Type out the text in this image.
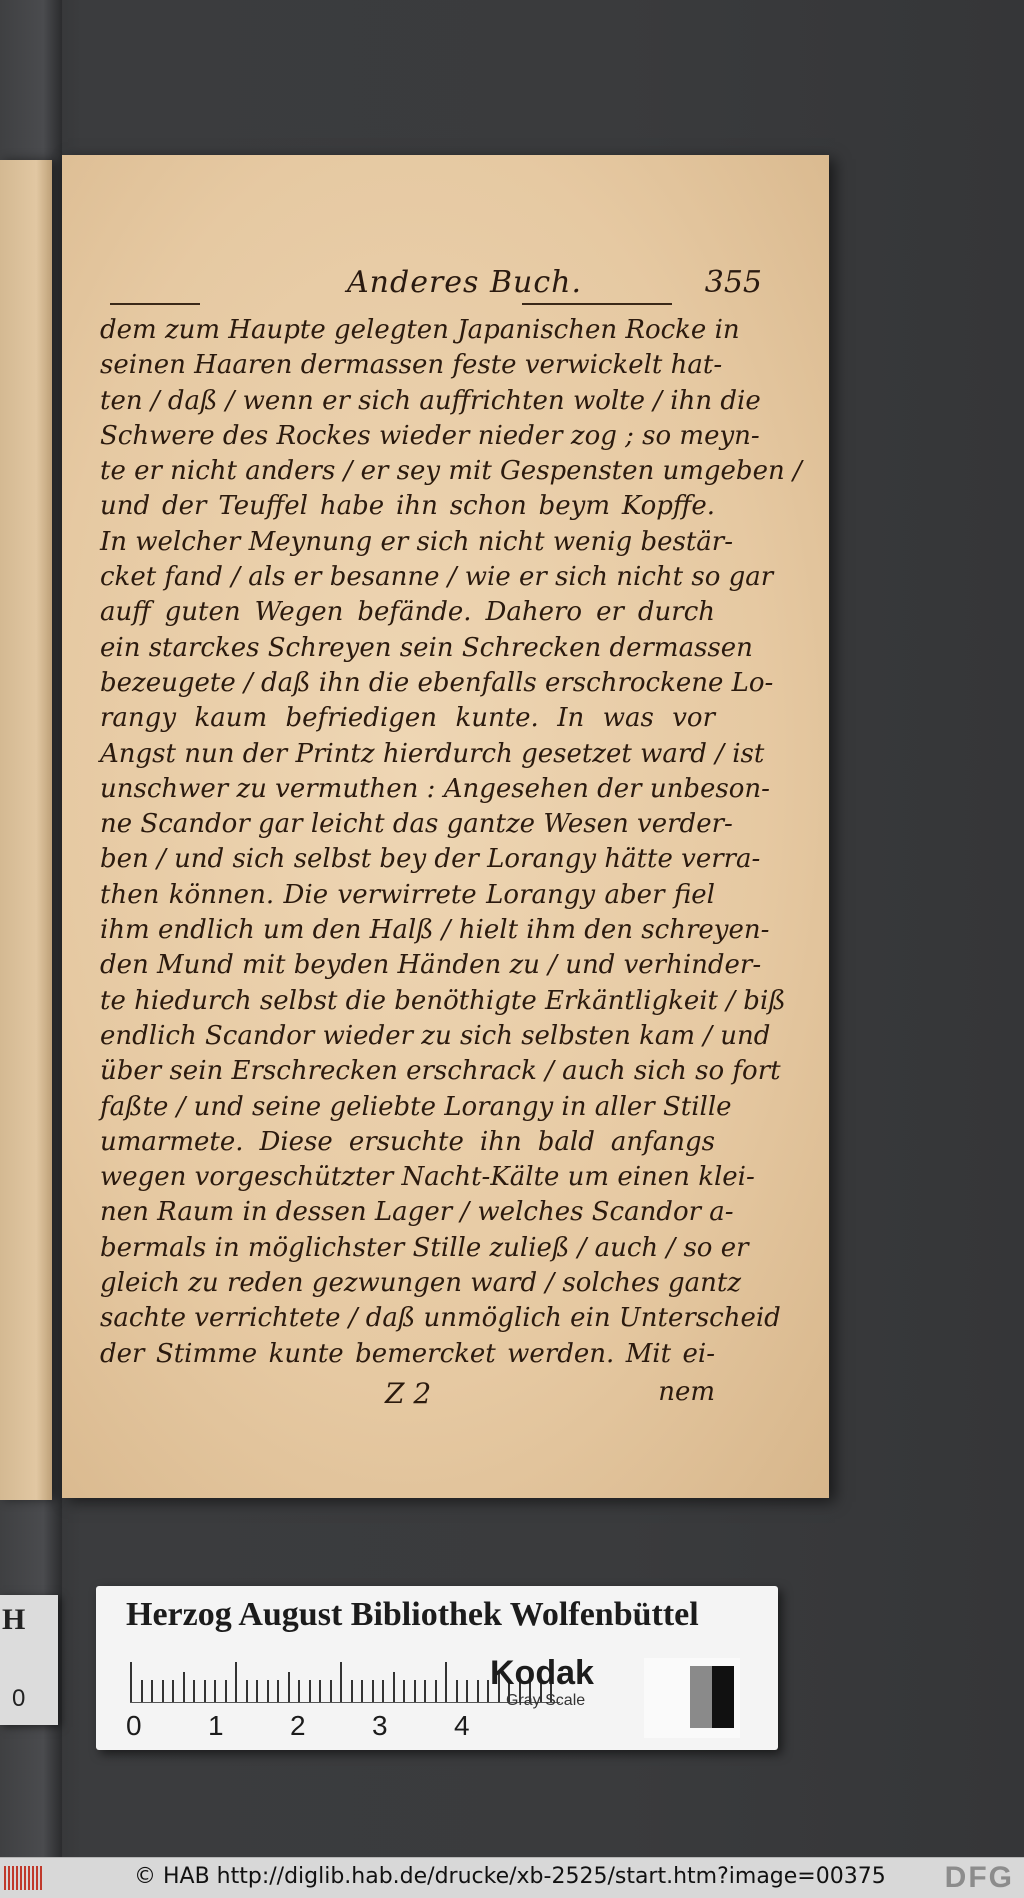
Anderes Buch.	355
dem zum Haupte gelegten Japanischen Rocke in
seinen Haaren dermassen feste verwickelt hat-
ten / daß / wenn er sich auffrichten wolte / ihn die
Schwere des Rockes wieder nieder zog ; so meyn-
te er nicht anders / er sey mit Gespensten umgeben /
und der Teuffel habe ihn schon beym Kopffe.
In welcher Meynung er sich nicht wenig bestär-
cket fand / als er besanne / wie er sich nicht so gar
auff guten Wegen befände. Dahero er durch
ein starckes Schreyen sein Schrecken dermassen
bezeugete / daß ihn die ebenfalls erschrockene Lo-
rangy kaum befriedigen kunte. In was vor
Angst nun der Printz hierdurch gesetzet ward / ist
unschwer zu vermuthen : Angesehen der unbeson-
ne Scandor gar leicht das gantze Wesen verder-
ben / und sich selbst bey der Lorangy hätte verra-
then können. Die verwirrete Lorangy aber fiel
ihm endlich um den Halß / hielt ihm den schreyen-
den Mund mit beyden Händen zu / und verhinder-
te hiedurch selbst die benöthigte Erkäntligkeit / biß
endlich Scandor wieder zu sich selbsten kam / und
über sein Erschrecken erschrack / auch sich so fort
faßte / und seine geliebte Lorangy in aller Stille
umarmete. Diese ersuchte ihn bald anfangs
wegen vorgeschützter Nacht-Kälte um einen klei-
nen Raum in dessen Lager / welches Scandor a-
bermals in möglichster Stille zuließ / auch / so er
gleich zu reden gezwungen ward / solches gantz
sachte verrichtete / daß unmöglich ein Unterscheid
der Stimme kunte bemercket werden. Mit ei-
Z 2	nem
H
0
Herzog August Bibliothek Wolfenbüttel
0 1 2 3 4
Kodak
Gray Scale
© HAB http://diglib.hab.de/drucke/xb-2525/start.htm?image=00375 DFG
